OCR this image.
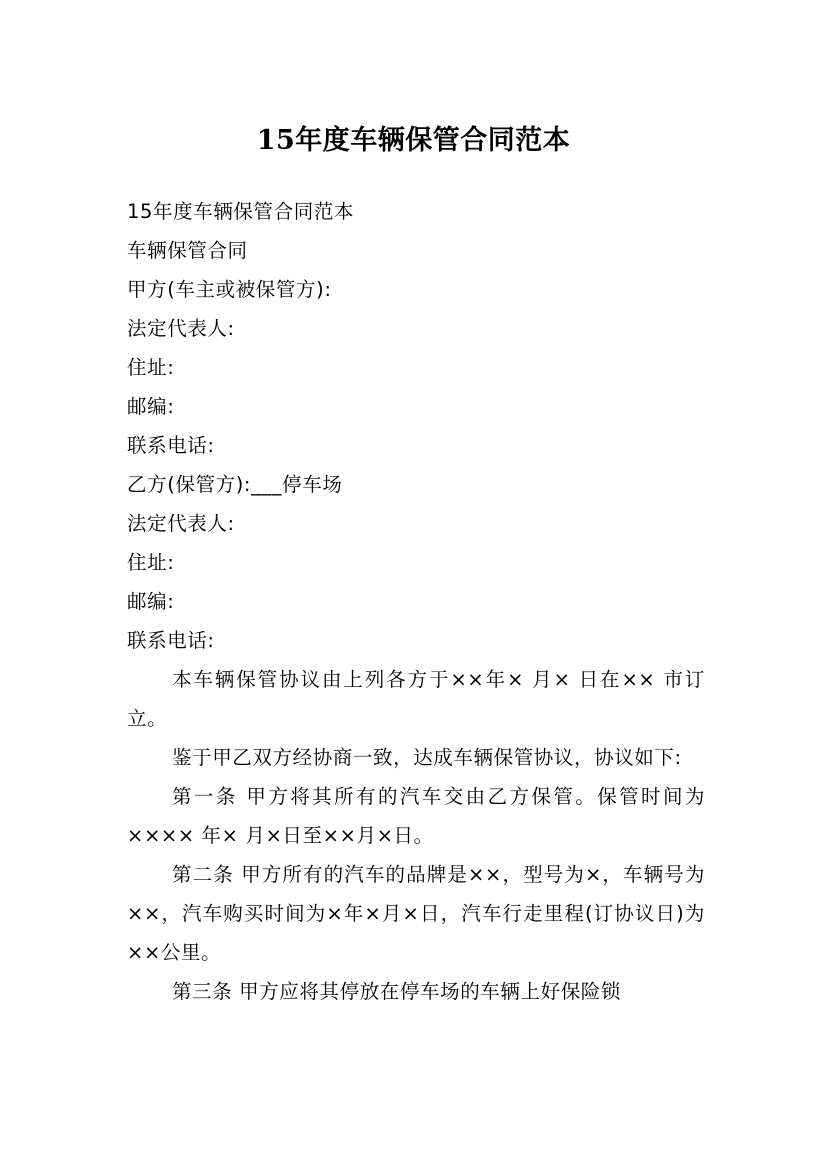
15年度车辆保管合同范本

15年度车辆保管合同范本

车辆保管合同

甲方(车主或被保管方):

法定代表人:

住址:

邮编:

联系电话:

乙方(保管方):___停车场

法定代表人:

住址:

邮编:

联系电话:

本车辆保管协议由上列各方于××年× 月× 日在×× 市订立。

鉴于甲乙双方经协商一致，达成车辆保管协议，协议如下:

第一条 甲方将其所有的汽车交由乙方保管。保管时间为×××× 年× 月×日至××月×日。

第二条 甲方所有的汽车的品牌是××，型号为×，车辆号为××，汽车购买时间为×年×月×日，汽车行走里程(订协议日)为××公里。

第三条 甲方应将其停放在停车场的车辆上好保险锁
